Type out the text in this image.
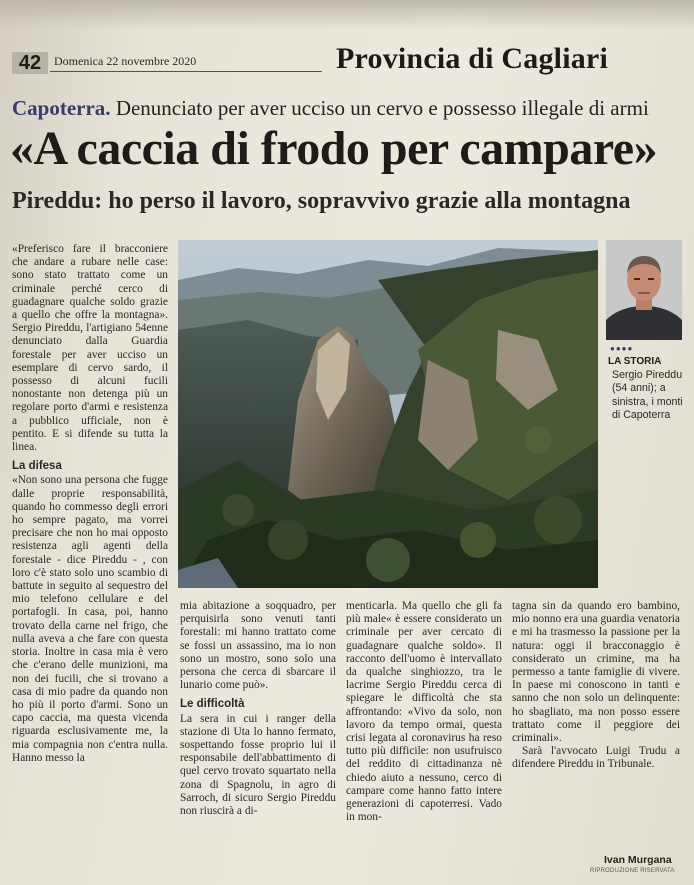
42	Domenica 22 novembre 2020	Provincia di Cagliari
Capoterra. Denunciato per aver ucciso un cervo e possesso illegale di armi
«A caccia di frodo per campare»
Pireddu: ho perso il lavoro, sopravvivo grazie alla montagna

«Preferisco fare il bracconiere che andare a rubare nelle case: sono stato trattato come un criminale perché cerco di guadagnare qualche soldo grazie a quello che offre la montagna». Sergio Pireddu, l'artigiano 54enne denunciato dalla Guardia forestale per aver ucciso un esemplare di cervo sardo, il possesso di alcuni fucili nonostante non detenga più un regolare porto d'armi e resistenza a pubblico ufficiale, non è pentito. E si difende su tutta la linea.

La difesa

«Non sono una persona che fugge dalle proprie responsabilità, quando ho commesso degli errori ho sempre pagato, ma vorrei precisare che non ho mai opposto resistenza agli agenti della forestale - dice Pireddu - , con loro c'è stato solo uno scambio di battute in seguito al sequestro del mio telefono cellulare e del portafogli. In casa, poi, hanno trovato della carne nel frigo, che nulla aveva a che fare con questa storia. Inoltre in casa mia è vero che c'erano delle munizioni, ma non dei fucili, che si trovano a casa di mio padre da quando non ho più il porto d'armi. Sono un capo caccia, ma questa vicenda riguarda esclusivamente me, la mia compagnia non c'entra nulla. Hanno messo la

●●●●
LA STORIA
Sergio Pireddu (54 anni); a sinistra, i monti di Capoterra

mia abitazione a soqquadro, per perquisirla sono venuti tanti forestali: mi hanno trattato come se fossi un assassino, ma io non sono un mostro, sono solo una persona che cerca di sbarcare il lunario come può».

Le difficoltà

La sera in cui i ranger della stazione di Uta lo hanno fermato, sospettando fosse proprio lui il responsabile dell'abbattimento di quel cervo trovato squartato nella zona di Spagnolu, in agro di Sarroch, di sicuro Sergio Pireddu non riuscirà a di-

menticarla. Ma quello che gli fa più male« è essere considerato un criminale per aver cercato di guadagnare qualche soldo». Il racconto dell'uomo è intervallato da qualche singhiozzo, tra le lacrime Sergio Pireddu cerca di spiegare le difficoltà che sta affrontando: «Vivo da solo, non lavoro da tempo ormai, questa crisi legata al coronavirus ha reso tutto più difficile: non usufruisco del reddito di cittadinanza nè chiedo aiuto a nessuno, cerco di campare come hanno fatto intere generazioni di capoterresi. Vado in mon-

tagna sin da quando ero bambino, mio nonno era una guardia venatoria e mi ha trasmesso la passione per la natura: oggi il bracconaggio è considerato un crimine, ma ha permesso a tante famiglie di vivere. In paese mi conoscono in tanti e sanno che non solo un delinquente: ho sbagliato, ma non posso essere trattato come il peggiore dei criminali».

Sarà l'avvocato Luigi Trudu a difendere Pireddu in Tribunale.

Ivan Murgana
RIPRODUZIONE RISERVATA
